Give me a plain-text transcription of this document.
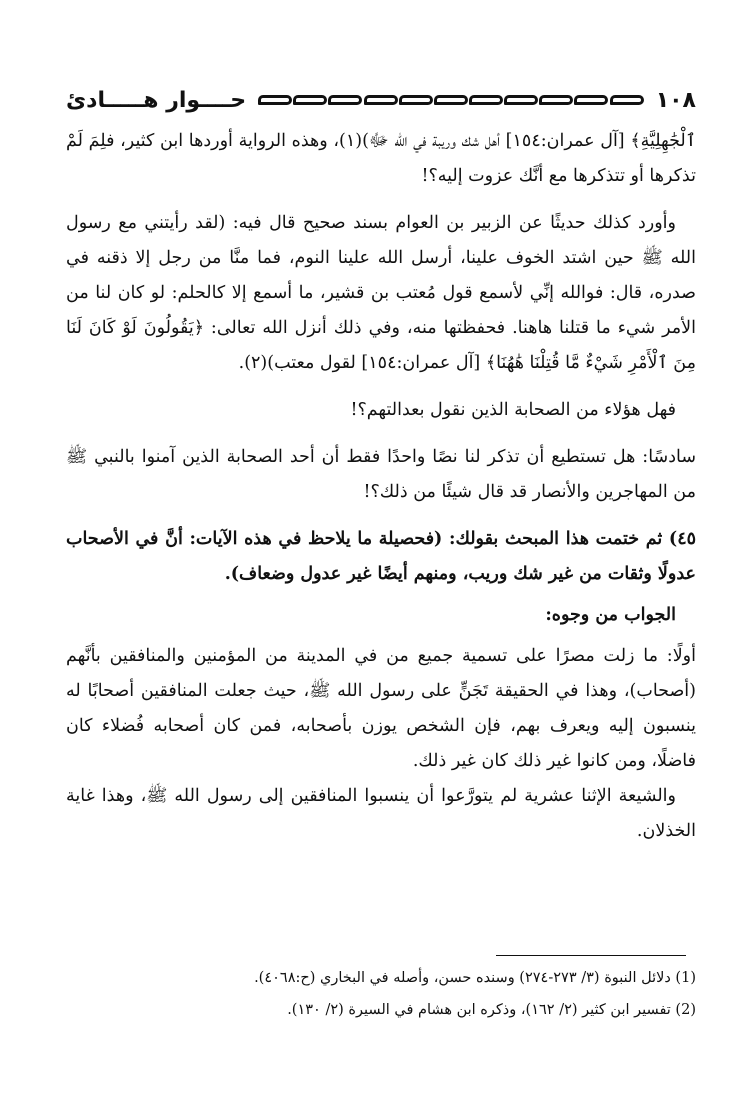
١٠٨
حــــوار هـــــادئ

ٱلْجَٰهِلِيَّةِ﴾ [آل عمران:١٥٤] أهل شك وريبة في الله ﷻ)(١)، وهذه الرواية أوردها ابن كثير، فلِمَ لَمْ تذكرها أو تتذكرها مع أنَّك عزوت إليه؟!

وأورد كذلك حديثًا عن الزبير بن العوام بسند صحيح قال فيه: (لقد رأيتني مع رسول الله ﷺ حين اشتد الخوف علينا، أرسل الله علينا النوم، فما منَّا من رجل إلا ذقنه في صدره، قال: فوالله إنِّي لأسمع قول مُعتب بن قشير، ما أسمع إلا كالحلم: لو كان لنا من الأمر شيء ما قتلنا هاهنا. فحفظتها منه، وفي ذلك أنزل الله تعالى: ﴿يَقُولُونَ لَوْ كَانَ لَنَا مِنَ ٱلْأَمْرِ شَيْءٌ مَّا قُتِلْنَا هَٰهُنَا﴾ [آل عمران:١٥٤] لقول معتب)(٢).

فهل هؤلاء من الصحابة الذين نقول بعدالتهم؟!

سادسًا: هل تستطيع أن تذكر لنا نصًا واحدًا فقط أن أحد الصحابة الذين آمنوا بالنبي ﷺ من المهاجرين والأنصار قد قال شيئًا من ذلك؟!

٤٥) ثم ختمت هذا المبحث بقولك: (فحصيلة ما يلاحظ في هذه الآيات: أنَّ في الأصحاب عدولًا وثقات من غير شك وريب، ومنهم أيضًا غير عدول وضعاف).

الجواب من وجوه:

أولًا: ما زلت مصرًا على تسمية جميع من في المدينة من المؤمنين والمنافقين بأنَّهم (أصحاب)، وهذا في الحقيقة تَجَنٍّ على رسول الله ﷺ، حيث جعلت المنافقين أصحابًا له ينسبون إليه ويعرف بهم، فإن الشخص يوزن بأصحابه، فمن كان أصحابه فُضلاء كان فاضلًا، ومن كانوا غير ذلك كان غير ذلك.

والشيعة الإثنا عشرية لم يتورَّعوا أن ينسبوا المنافقين إلى رسول الله ﷺ، وهذا غاية الخذلان.

(1) دلائل النبوة (٣/ ٢٧٣-٢٧٤) وسنده حسن، وأصله في البخاري (ح:٤٠٦٨).

(2) تفسير ابن كثير (٢/ ١٦٢)، وذكره ابن هشام في السيرة (٢/ ١٣٠).
